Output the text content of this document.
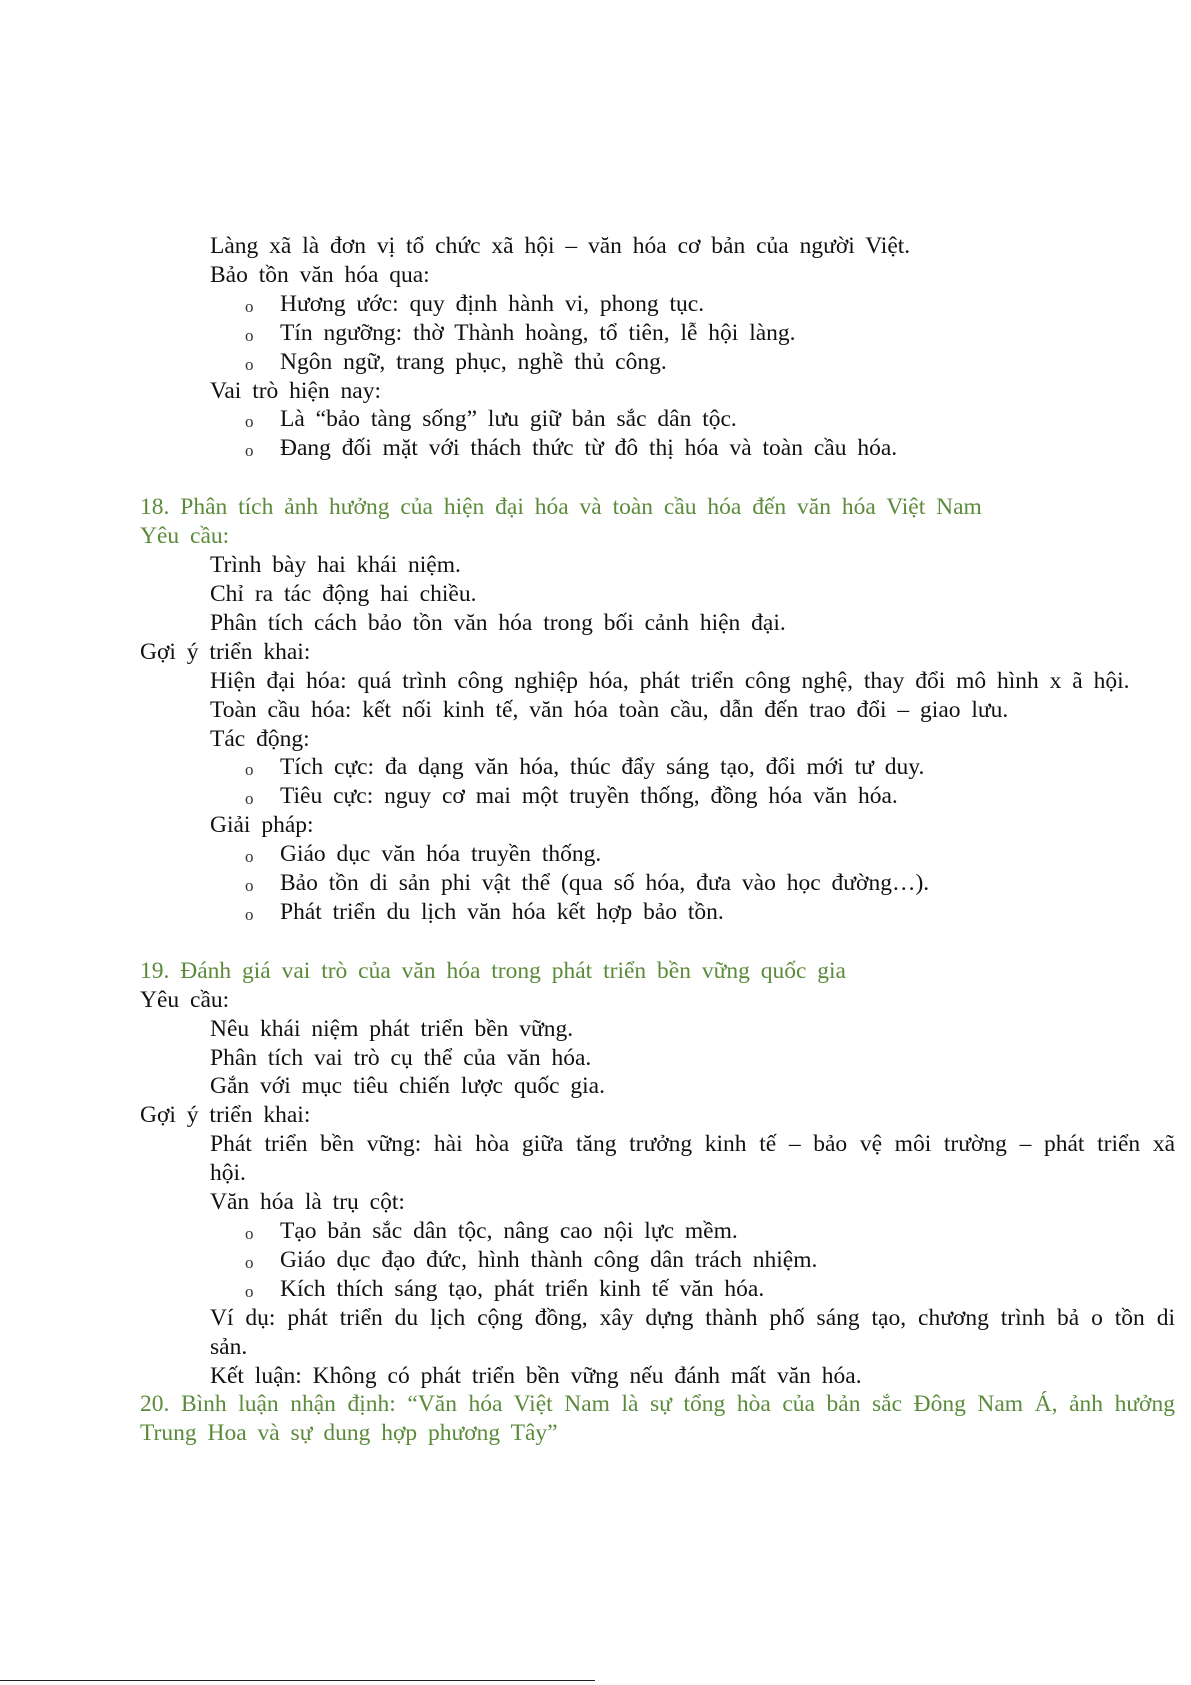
Làng xã là đơn vị tổ chức xã hội – văn hóa cơ bản của người Việt.
Bảo tồn văn hóa qua:
o Hương ước: quy định hành vi, phong tục.
o Tín ngưỡng: thờ Thành hoàng, tổ tiên, lễ hội làng.
o Ngôn ngữ, trang phục, nghề thủ công.
Vai trò hiện nay:
o Là “bảo tàng sống” lưu giữ bản sắc dân tộc.
o Đang đối mặt với thách thức từ đô thị hóa và toàn cầu hóa.
18. Phân tích ảnh hưởng của hiện đại hóa và toàn cầu hóa đến văn hóa Việt Nam
Yêu cầu:
Trình bày hai khái niệm.
Chỉ ra tác động hai chiều.
Phân tích cách bảo tồn văn hóa trong bối cảnh hiện đại.
Gợi ý triển khai:
Hiện đại hóa: quá trình công nghiệp hóa, phát triển công nghệ, thay đổi mô hình x ã hội.
Toàn cầu hóa: kết nối kinh tế, văn hóa toàn cầu, dẫn đến trao đổi – giao lưu.
Tác động:
o Tích cực: đa dạng văn hóa, thúc đẩy sáng tạo, đổi mới tư duy.
o Tiêu cực: nguy cơ mai một truyền thống, đồng hóa văn hóa.
Giải pháp:
o Giáo dục văn hóa truyền thống.
o Bảo tồn di sản phi vật thể (qua số hóa, đưa vào học đường…).
o Phát triển du lịch văn hóa kết hợp bảo tồn.
19. Đánh giá vai trò của văn hóa trong phát triển bền vững quốc gia
Yêu cầu:
Nêu khái niệm phát triển bền vững.
Phân tích vai trò cụ thể của văn hóa.
Gắn với mục tiêu chiến lược quốc gia.
Gợi ý triển khai:
Phát triển bền vững: hài hòa giữa tăng trưởng kinh tế – bảo vệ môi trường – phát triển xã hội.
Văn hóa là trụ cột:
o Tạo bản sắc dân tộc, nâng cao nội lực mềm.
o Giáo dục đạo đức, hình thành công dân trách nhiệm.
o Kích thích sáng tạo, phát triển kinh tế văn hóa.
Ví dụ: phát triển du lịch cộng đồng, xây dựng thành phố sáng tạo, chương trình bả o tồn di sản.
Kết luận: Không có phát triển bền vững nếu đánh mất văn hóa.
20. Bình luận nhận định: “Văn hóa Việt Nam là sự tổng hòa của bản sắc Đông Nam Á, ảnh hưởng Trung Hoa và sự dung hợp phương Tây”
